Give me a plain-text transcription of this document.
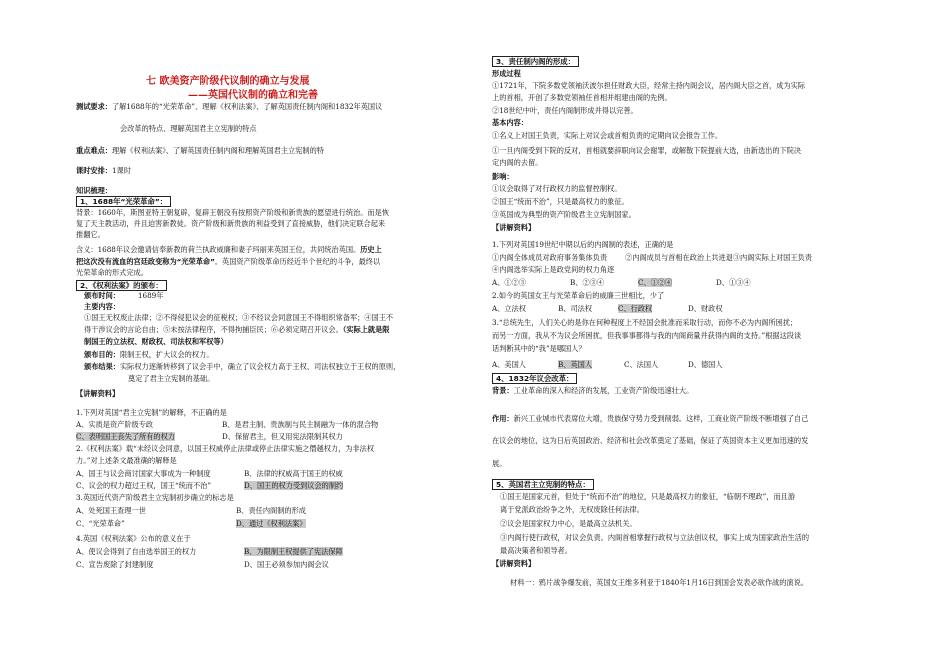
七 欧美资产阶级代议制的确立与发展
——英国代议制的确立和完善
测试要求：了解1688年的“光荣革命”、理解《权利法案》、了解英国责任制内阁和1832年英国议
会改革的特点、理解英国君主立宪制的特点
重点难点：理解《权利法案》、了解英国责任制内阁和理解英国君主立宪制的特
课时安排：1课时
知识梳理：
1、1688年“光荣革命”：
背景：1660年，斯图亚特王朝复辟，复辟王朝没有按照资产阶级和新贵族的愿望进行统治。而是恢
复了天主教活动，并且迫害新教徒。资产阶级和新贵族的利益受到了直接威胁，他们决定联合起来
推翻它。
含义：1688年议会邀请信奉新教的荷兰执政威廉和妻子玛丽来英国王位，共同统治英国。历史上
把这次没有流血的宫廷政变称为“光荣革命”。英国资产阶级革命历经近半个世纪的斗争，最终以
光荣革命的形式完成。
2、《权利法案》的颁布：
颁布时间：	1689年
主要内容：
①国王无权废止法律；②不得侵犯议会的征税权；③不经议会同意国王不得组织常备军；④国王不
得干涉议会的言论自由；⑤未按法律程序，不得拘捕臣民；⑥必须定期召开议会。（实际上就是限
制国王的立法权、财政权、司法权和军权等）
颁布目的：限制王权，扩大议会的权力。
颁布结果：实际权力逐渐转移到了议会手中，确立了议会权力高于王权、司法权独立于王权的原则，
奠定了君主立宪制的基础。
【讲解资料】
1.下列对英国“君主立宪制”的解释，不正确的是
A、实质是资产阶级专政	B、是君主制、贵族制与民主制融为一体的混合物
C、表明国王丧失了所有的权力	D、保留君主，但又用宪法限制其权力
2.《权利法案》载“未经议会同意，以国王权威停止法律或停止法律实施之僭越权力，为非法权
力。”对上述条文最准确的解释是
A、国王与议会商讨国家大事成为一种制度	B、法律的权威高于国王的权威
C、议会的权力超过王权，国王“统而不治”	D、国王的权力受到议会的制约
3.英国近代资产阶级君主立宪制初步确立的标志是
A、处死国王查理一世	B、责任内阁制的形成
C、“光荣革命”	D、通过《权利法案》
4.英国《权利法案》公布的意义在于
A、使议会得到了自由选举国王的权力	B、为限制王权提供了宪法保障
C、宣告废除了封建制度	D、国王必须参加内阁会议
3、责任制内阁的形成：
形成过程
①1721年，下院多数党领袖沃波尔担任财政大臣，经常主持内阁会议，居内阁大臣之首，成为实际
上的首相，开创了多数党领袖任首相并组建由阁的先例。
②18世纪中叶，责任内阁制形成并得以完善。
基本内容：
①名义上对国王负责，实际上对议会或首相负责的定期向议会报告工作。
①一旦内阁受到下院的反对，首相就要辞职向议会谢罪，或解散下院提前大选，由新选出的下院决
定内阁的去留。
影响：
①议会取得了对行政权力的监督控制权。
②国王“统而不治”，只是最高权力的象征。
③英国成为典型的资产阶级君主立宪制国家。
【讲解资料】
1.下列对英国19世纪中期以后的内阁制的表述，正确的是
①内阁全体成员对政府事务集体负责	②内阁成员与首相在政治上共进退③内阁实际上对国王负责
④内阁选举实际上是政党间的权力角逐
A、①②③	B、②③④	C、①②④	D、①③④
2.如今的英国女王与光荣革命后的威廉三世相比，少了
A、立法权	B、司法权	C、行政权	D、财政权
3.“总统先生，人们关心的是你在何种程度上不经国会批准而采取行动，而你不必为内阁所困扰；
而另一方面，我从不为议会所困扰，但我事事都得与我的内阁商量并获得内阁的支持。”根据这段谈
话判断其中的“我”是哪国人？
A、美国人	B、英国人	C、法国人	D、德国人
4、1832年议会改革：
背景：工业革命的深入和经济的发展，工业资产阶级迅速壮大。
作用：新兴工业城市代表席位大增，贵族保守势力受到削弱。这样，工商业资产阶级不断增强了自己
在议会的地位，这为日后英国政治、经济和社会改革奠定了基础，保证了英国资本主义更加迅速的发
展。
5、英国君主立宪制的特点：
①国王是国家元首，但处于“统而不治”的地位，只是最高权力的象征，“临朝不理政”，而且游
离于党派政治纷争之外，无权废除任何法律。
②议会是国家权力中心，是最高立法机关。
③内阁行使行政权，对议会负责。内阁首相掌握行政权与立法创议权，事实上成为国家政治生活的
最高决策者和领导者。
【讲解资料】
材料一：鸦片战争爆发前，英国女王维多利亚于1840年1月16日到国会发表必欲作战的演说。
